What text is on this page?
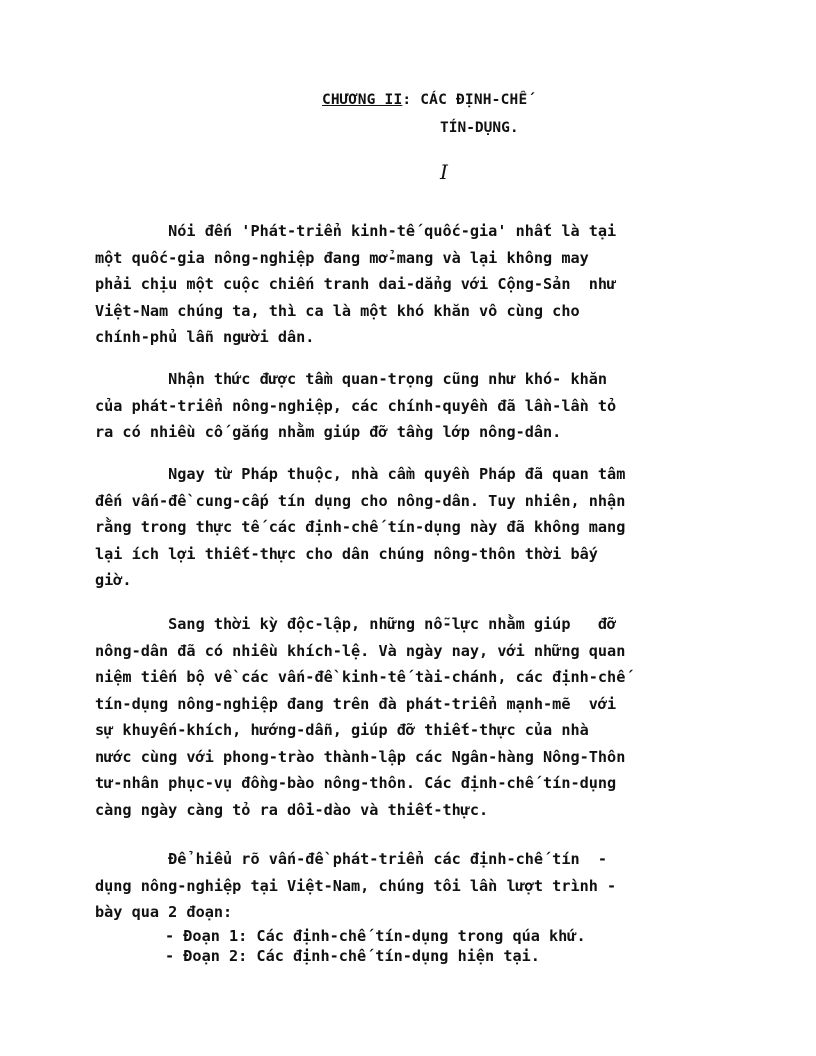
CHƯƠNG II: CÁC ĐỊNH-CHẾ
TÍN-DỤNG.
I
Nói đến 'Phát-triển kinh-tế quốc-gia' nhất là tại
một quốc-gia nông-nghiệp đang mở-mang và lại không may
phải chịu một cuộc chiến tranh dai-dẳng với Cộng-Sản  như
Việt-Nam chúng ta, thì ca là một khó khăn vô cùng cho
chính-phủ lẫn người dân.
Nhận thức được tầm quan-trọng cũng như khó- khăn
của phát-triển nông-nghiệp, các chính-quyền đã lần-lần tỏ
ra có nhiều cố gắng nhằm giúp đỡ tầng lớp nông-dân.
Ngay từ Pháp thuộc, nhà cầm quyền Pháp đã quan tâm
đến vấn-đề cung-cấp tín dụng cho nông-dân. Tuy nhiên, nhận
rằng trong thực tế các định-chế tín-dụng này đã không mang
lại ích lợi thiết-thực cho dân chúng nông-thôn thời bấy
giờ.
Sang thời kỳ độc-lập, những nỗ-lực nhằm giúp   đỡ
nông-dân đã có nhiều khích-lệ. Và ngày nay, với những quan
niệm tiến bộ về các vấn-đề kinh-tế tài-chánh, các định-chế
tín-dụng nông-nghiệp đang trên đà phát-triển mạnh-mẽ  với
sự khuyến-khích, hướng-dẫn, giúp đỡ thiết-thực của nhà
nước cùng với phong-trào thành-lập các Ngân-hàng Nông-Thôn
tư-nhân phục-vụ đồng-bào nông-thôn. Các định-chế tín-dụng
càng ngày càng tỏ ra dồi-dào và thiết-thực.
Để hiểu rõ vấn-đề phát-triển các định-chế tín  -
dụng nông-nghiệp tại Việt-Nam, chúng tôi lần lượt trình -
bày qua 2 đoạn:
- Đoạn 1: Các định-chế tín-dụng trong qúa khứ.
- Đoạn 2: Các định-chế tín-dụng hiện tại.
